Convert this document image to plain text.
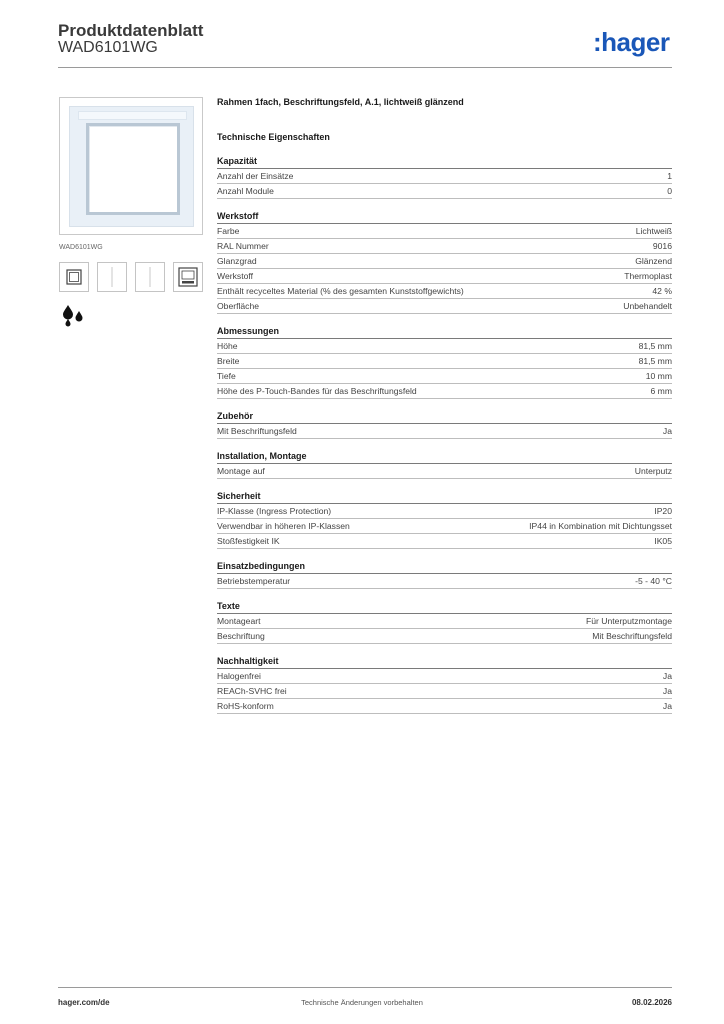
Produktdatenblatt
WAD6101WG	:hager
WAD6101WG
Rahmen 1fach, Beschriftungsfeld, A.1, lichtweiß glänzend
Technische Eigenschaften
Kapazität
Anzahl der Einsätze	1
Anzahl Module	0
Werkstoff
Farbe	Lichtweiß
RAL Nummer	9016
Glanzgrad	Glänzend
Werkstoff	Thermoplast
Enthält recyceltes Material (% des gesamten Kunststoffgewichts)	42 %
Oberfläche	Unbehandelt
Abmessungen
Höhe	81,5 mm
Breite	81,5 mm
Tiefe	10 mm
Höhe des P-Touch-Bandes für das Beschriftungsfeld	6 mm
Zubehör
Mit Beschriftungsfeld	Ja
Installation, Montage
Montage auf	Unterputz
Sicherheit
IP-Klasse (Ingress Protection)	IP20
Verwendbar in höheren IP-Klassen	IP44 in Kombination mit Dichtungsset
Stoßfestigkeit IK	IK05
Einsatzbedingungen
Betriebstemperatur	-5 - 40 °C
Texte
Montageart	Für Unterputzmontage
Beschriftung	Mit Beschriftungsfeld
Nachhaltigkeit
Halogenfrei	Ja
REACh-SVHC frei	Ja
RoHS-konform	Ja
hager.com/de	Technische Änderungen vorbehalten	08.02.2026
